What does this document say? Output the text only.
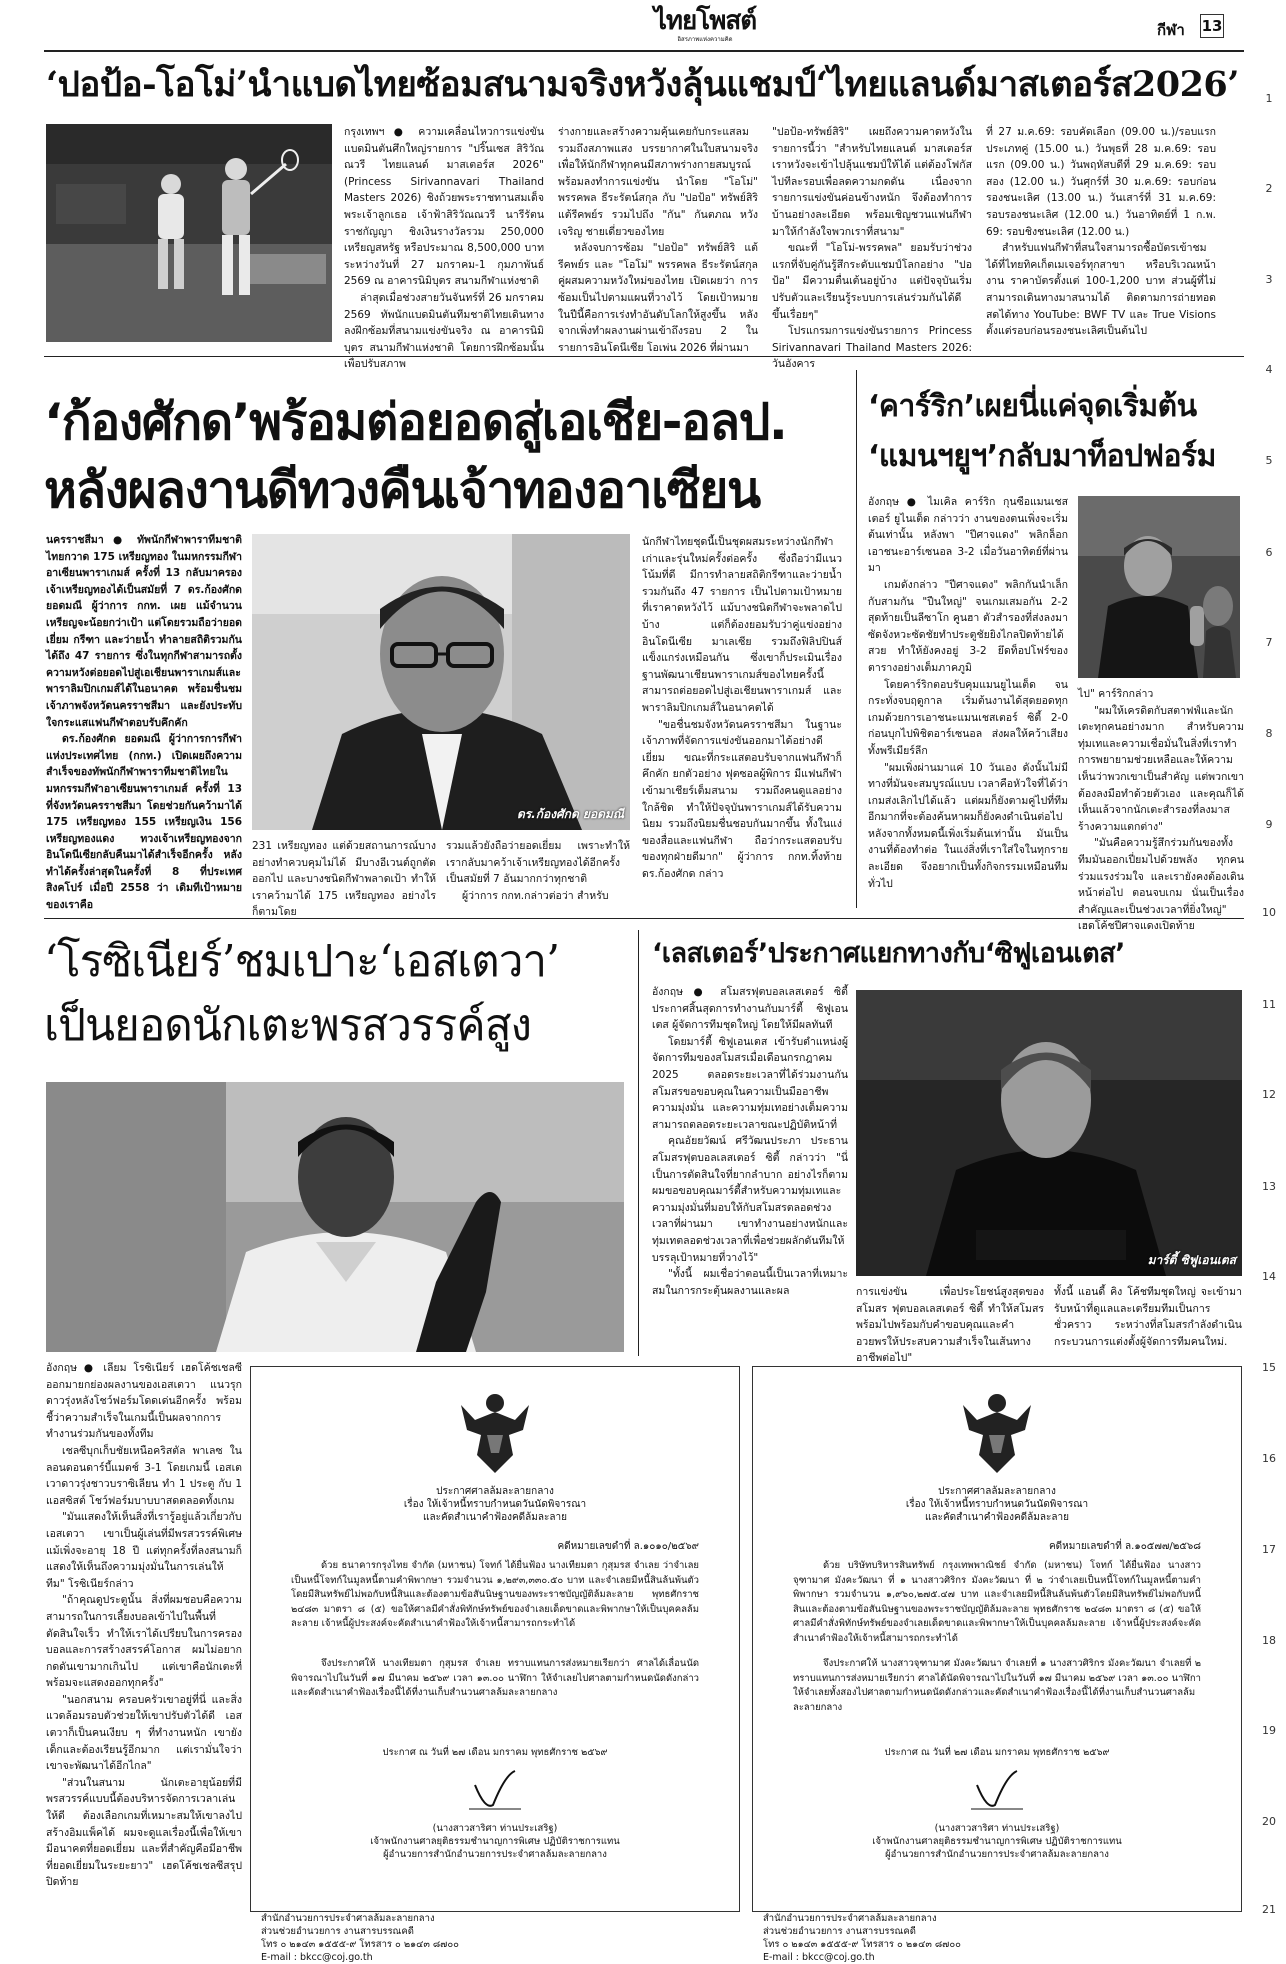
ไทยโพสต์
อิสรภาพแห่งความคิด
กีฬา 13
1
2
3
4
5
6
7
8
9
10
11
12
13
14
15
16
17
18
19
20
21
‘ปอป้อ-โอโม่’นำแบดไทยซ้อมสนามจริงหวังลุ้นแชมป์‘ไทยแลนด์มาสเตอร์ส2026’

กรุงเทพฯ ● ความเคลื่อนไหวการแข่งขันแบดมินตันศึกใหญ่รายการ "ปริ๊นเซส สิริวัณณวรี ไทยแลนด์ มาสเตอร์ส 2026" (Princess Sirivannavari Thailand Masters 2026) ชิงถ้วยพระราชทานสมเด็จพระเจ้าลูกเธอ เจ้าฟ้าสิริวัณณวรี นารีรัตนราชกัญญา ชิงเงินรางวัลรวม 250,000 เหรียญสหรัฐ หรือประมาณ 8,500,000 บาท ระหว่างวันที่ 27 มกราคม-1 กุมภาพันธ์ 2569 ณ อาคารนิมิบุตร สนามกีฬาแห่งชาติ

ล่าสุดเมื่อช่วงสายวันจันทร์ที่ 26 มกราคม 2569 ทัพนักแบดมินตันทีมชาติไทยเดินทางลงฝึกซ้อมที่สนามแข่งขันจริง ณ อาคารนิมิบุตร สนามกีฬาแห่งชาติ โดยการฝึกซ้อมนั้นเพื่อปรับสภาพ

ร่างกายและสร้างความคุ้นเคยกับกระแสลม รวมถึงสภาพแสง บรรยากาศในใบสนามจริงเพื่อให้นักกีฬาทุกคนมีสภาพร่างกายสมบูรณ์พร้อมลงทำการแข่งขัน นำโดย "โอโม่" พรรคพล ธีระรัตน์สกุล กับ "ปอป้อ" ทรัพย์สิริ แต้รีคพย์ร รวมไปถึง "กัน" กันตภณ หวังเจริญ ชายเดี่ยวของไทย

หลังจบการซ้อม "ปอป้อ" ทรัพย์สิริ แต้รีคพย์ร และ "โอโม่" พรรคพล ธีระรัตน์สกุล คู่ผสมความหวังใหม่ของไทย เปิดเผยว่า การซ้อมเป็นไปตามแผนที่วางไว้ โดยเป้าหมายในปีนี้คือการเร่งทำอันดับโลกให้สูงขึ้น หลังจากเพิ่งทำผลงานผ่านเข้าถึงรอบ 2 ในรายการอินโดนีเซีย โอเพ่น 2026 ที่ผ่านมา

"ปอป้อ-ทรัพย์สิริ" เผยถึงความคาดหวังในรายการนี้ว่า "สำหรับไทยแลนด์ มาสเตอร์ส เราหวังจะเข้าไปลุ้นแชมป์ให้ได้ แต่ต้องโฟกัสไปทีละรอบเพื่อลดความกดดัน เนื่องจากรายการแข่งขันค่อนข้างหนัก จึงต้องทำการบ้านอย่างละเอียด พร้อมเชิญชวนแฟนกีฬามาให้กำลังใจพวกเราที่สนาม"

ขณะที่ "โอโม่-พรรคพล" ยอมรับว่าช่วงแรกที่จับคู่กันรู้สึกระดับแชมป์โลกอย่าง "ปอป้อ" มีความตื่นเต้นอยู่บ้าง แต่ปัจจุบันเริ่มปรับตัวและเรียนรู้ระบบการเล่นร่วมกันได้ดีขึ้นเรื่อยๆ"

โปรแกรมการแข่งขันรายการ Princess Sirivannavari Thailand Masters 2026: วันอังคาร

ที่ 27 ม.ค.69: รอบคัดเลือก (09.00 น.)/รอบแรก ประเภทคู่ (15.00 น.) วันพุธที่ 28 ม.ค.69: รอบแรก (09.00 น.) วันพฤหัสบดีที่ 29 ม.ค.69: รอบสอง (12.00 น.) วันศุกร์ที่ 30 ม.ค.69: รอบก่อนรองชนะเลิศ (13.00 น.) วันเสาร์ที่ 31 ม.ค.69: รอบรองชนะเลิศ (12.00 น.) วันอาทิตย์ที่ 1 ก.พ. 69: รอบชิงชนะเลิศ (12.00 น.)

สำหรับแฟนกีฬาที่สนใจสามารถซื้อบัตรเข้าชมได้ที่ไทยทิคเก็ตเมเจอร์ทุกสาขา หรือบริเวณหน้างาน ราคาบัตรตั้งแต่ 100-1,200 บาท ส่วนผู้ที่ไม่สามารถเดินทางมาสนามได้ ติดตามการถ่ายทอดสดได้ทาง YouTube: BWF TV และ True Visions ตั้งแต่รอบก่อนรองชนะเลิศเป็นต้นไป

‘ก้องศักด’พร้อมต่อยอดสู่เอเชีย-อลป.
หลังผลงานดีทวงคืนเจ้าทองอาเซียน

นครราชสีมา ● ทัพนักกีฬาพาราทีมชาติไทยกวาด 175 เหรียญทอง ในมหกรรมกีฬาอาเซียนพาราเกมส์ ครั้งที่ 13 กลับมาครองเจ้าเหรียญทองได้เป็นสมัยที่ 7 ดร.ก้องศักด ยอดมณี ผู้ว่าการ กกท. เผย แม้จำนวนเหรียญจะน้อยกว่าเป้า แต่โดยรวมถือว่ายอดเยี่ยม กรีฑา และว่ายน้ำ ทำลายสถิติรวมกันได้ถึง 47 รายการ ซึ่งในทุกกีฬาสามารถตั้งความหวังต่อยอดไปสู่เอเชียนพาราเกมส์และพาราลิมปิกเกมส์ได้ในอนาคต พร้อมชื่นชมเจ้าภาพจังหวัดนครราชสีมา และยังประทับใจกระแสแฟนกีฬาตอบรับคึกคัก

ดร.ก้องศักด ยอดมณี ผู้ว่าการการกีฬาแห่งประเทศไทย (กกท.) เปิดเผยถึงความสำเร็จของทัพนักกีฬาพาราทีมชาติไทยในมหกรรมกีฬาอาเซียนพาราเกมส์ ครั้งที่ 13 ที่จังหวัดนครราชสีมา โดยช่วยกันคว้ามาได้ 175 เหรียญทอง 155 เหรียญเงิน 156 เหรียญทองแดง ทวงเจ้าเหรียญทองจากอินโดนีเซียกลับคืนมาได้สำเร็จอีกครั้ง หลังทำได้ครั้งล่าสุดในครั้งที่ 8 ที่ประเทศสิงคโปร์ เมื่อปี 2558 ว่า เดิมทีเป้าหมายของเราคือ

ดร.ก้องศักด ยอดมณี

231 เหรียญทอง แต่ด้วยสถานการณ์บาง อย่างทำควบคุมไม่ได้ มีบางอีเวนต์ถูกตัดออกไป และบางชนิดกีฬาพลาดเป้า ทำให้เราคว้ามาได้ 175 เหรียญทอง อย่างไรก็ตามโดย

รวมแล้วยังถือว่ายอดเยี่ยม เพราะทำให้เรากลับมาคว้าเจ้าเหรียญทองได้อีกครั้งเป็นสมัยที่ 7 อันมากกว่าทุกชาติ

ผู้ว่าการ กกท.กล่าวต่อว่า สำหรับ

นักกีฬาไทยชุดนี้เป็นชุดผสมระหว่างนักกีฬาเก่าและรุ่นใหม่ครั้งต่อครั้ง ซึ่งถือว่ามีแนวโน้มที่ดี มีการทำลายสถิติกรีฑาและว่ายน้ำรวมกันถึง 47 รายการ เป็นไปตามเป้าหมายที่เราคาดหวังไว้ แม้บางชนิดกีฬาจะพลาดไปบ้าง แต่ก็ต้องยอมรับว่าคู่แข่งอย่างอินโดนีเซีย มาเลเซีย รวมถึงฟิลิปปินส์ แข็งแกร่งเหมือนกัน ซึ่งเขาก็ประเมินเรื่องฐานพัฒนาเชียนพาราเกมส์ของไทยครั้งนี้สามารถต่อยอดไปสู่เอเชียนพาราเกมส์ และพาราลิมปิกเกมส์ในอนาคตได้

"ขอชื่นชมจังหวัดนครราชสีมา ในฐานะเจ้าภาพที่จัดการแข่งขันออกมาได้อย่างดีเยี่ยม ขณะที่กระแสตอบรับจากแฟนกีฬาก็คึกคัก ยกตัวอย่าง ฟุตซอลผู้พิการ มีแฟนกีฬาเข้ามาเชียร์เต็มสนาม รวมถึงคนดูแลอย่างใกล้ชิด ทำให้ปัจจุบันพาราเกมส์ได้รับความนิยม รวมถึงนิยมชื่นชอบกันมากขึ้น ทั้งในแง่ของสื่อและแฟนกีฬา ถือว่ากระแสตอบรับของทุกฝ่ายดีมาก" ผู้ว่าการ กกท.ทิ้งท้าย ดร.ก้องศักด กล่าว

‘คาร์ริก’เผยนี่แค่จุดเริ่มต้น
‘แมนฯยูฯ’กลับมาท็อปฟอร์ม

อังกฤษ ● ไมเคิล คาร์ริก กุนซือแมนเชสเตอร์ ยูไนเต็ด กล่าวว่า งานของตนเพิ่งจะเริ่มต้นเท่านั้น หลังพา "ปีศาจแดง" พลิกล็อกเอาชนะอาร์เซนอล 3-2 เมื่อวันอาทิตย์ที่ผ่านมา

เกมดังกล่าว "ปีศาจแดง" พลิกกันนำเล็กกับสามกัน "ปืนใหญ่" จนเกมเสมอกัน 2-2 สุดท้ายเป็นลีซาโก คูนฮา ตัวสำรองที่ส่งลงมาซัดจังหวะซัดชัยทำประตูชัยยิงไกลปิดท้ายได้สวย ทำให้ยังคงอยู่ 3-2 ยึดท็อปโฟร์ของตารางอย่างเต็มภาคภูมิ

โดยคาร์ริกตอบรับคุมแมนยูไนเต็ด จนกระทั่งจบฤดูกาล เริ่มต้นงานได้สุดยอดทุกเกมด้วยการเอาชนะแมนเชสเตอร์ ซิตี้ 2-0 ก่อนบุกไปพิชิตอาร์เซนอล ส่งผลให้คว้าเสียงทั้งพรีเมียร์ลีก

"ผมเพิ่งผ่านมาแค่ 10 วันเอง ดังนั้นไม่มีทางที่มันจะสมบูรณ์แบบ เวลาคือหัวใจที่ได้ว่าเกมส่งเลิกไปได้แล้ว แต่ผมก็ยังตามคู่ไปที่ทีมอีกมากที่จะต้องค้นหาผมก็ยังคงดำเนินต่อไป หลังจากทั้งหมดนี้เพิ่งเริ่มต้นเท่านั้น มันเป็นงานที่ต้องทำต่อ ในแง่สิ่งที่เราใส่ใจในทุกรายละเอียด จึงอยากเป็นทั้งกิจกรรมเหมือนทีมทั่วไป

ไป" คาร์ริกกล่าว

"ผมให้เครดิตกับสตาฟฟ์และนักเตะทุกคนอย่างมาก สำหรับความทุ่มเทและความเชื่อมั่นในสิ่งที่เราทำ การพยายามช่วยเหลือและให้ความเห็นว่าพวกเขาเป็นสำคัญ แต่พวกเขาต้องลงมือทำด้วยตัวเอง และคุณก็ได้เห็นแล้วจากนักเตะสำรองที่ลงมาสร้างความแตกต่าง"

"มันคือความรู้สึกร่วมกันของทั้งทีมมันออกเปี่ยมไปด้วยพลัง ทุกคนร่วมแรงร่วมใจ และเรายังคงต้องเดินหน้าต่อไป ตอนจบเกม นั่นเป็นเรื่องสำคัญและเป็นช่วงเวลาที่ยิ่งใหญ่" เฮดโค้ชปีศาจแดงเปิดท้าย

‘โรซิเนียร์’ชมเปาะ‘เอสเตวา’
เป็นยอดนักเตะพรสวรรค์สูง

อังกฤษ ● เลียม โรซิเนียร์ เฮดโค้ชเชลซี ออกมายกย่องผลงานของเอสเตวา แนวรุกดาวรุ่งหลังโชว์ฟอร์มโดดเด่นอีกครั้ง พร้อมชี้ว่าความสำเร็จในเกมนี้เป็นผลจากการทำงานร่วมกันของทั้งทีม

เชลซีบุกเก็บชัยเหนือคริสตัล พาเลซ ในลอนดอนดาร์บี้แมตช์ 3-1 โดยเกมนี้ เอสเตเวาดาวรุ่งชาวบราซิเลียน ทำ 1 ประตู กับ 1 แอสซิสต์ โชว์ฟอร์มบาบบาสดตลอดทั้งเกม

"มันแสดงให้เห็นสิ่งที่เรารู้อยู่แล้วเกี่ยวกับเอสเตวา เขาเป็นผู้เล่นที่มีพรสวรรค์พิเศษ แม้เพิ่งจะอายุ 18 ปี แต่ทุกครั้งที่ลงสนามก็แสดงให้เห็นถึงความมุ่งมั่นในการเล่นให้ทีม" โรซิเนียร์กล่าว

"ถ้าคุณดูประตูนั้น สิ่งที่ผมชอบคือความสามารถในการเลี้ยงบอลเข้าไปในพื้นที่ ตัดสินใจเร็ว ทำให้เราได้เปรียบในการครองบอลและการสร้างสรรค์โอกาส ผมไม่อยากกดดันเขามากเกินไป แต่เขาคือนักเตะที่พร้อมจะแสดงออกทุกครั้ง"

"นอกสนาม ครอบครัวเขาอยู่ที่นี่ และสิ่งแวดล้อมรอบตัวช่วยให้เขาปรับตัวได้ดี เอสเตวาก็เป็นคนเงียบ ๆ ที่ทำงานหนัก เขายังเด็กและต้องเรียนรู้อีกมาก แต่เรามั่นใจว่าเขาจะพัฒนาได้อีกไกล"

"ส่วนในสนาม นักเตะอายุน้อยที่มีพรสวรรค์แบบนี้ต้องบริหารจัดการเวลาเล่นให้ดี ต้องเลือกเกมที่เหมาะสมให้เขาลงไปสร้างอิมแพ็คได้ ผมจะดูแลเรื่องนี้เพื่อให้เขามีอนาคตที่ยอดเยี่ยม และที่สำคัญคือมีอาชีพที่ยอดเยี่ยมในระยะยาว" เฮดโค้ชเชลซีสรุปปิดท้าย

‘เลสเตอร์’ประกาศแยกทางกับ‘ซิฟูเอนเตส’

อังกฤษ ● สโมสรฟุตบอลเลสเตอร์ ซิตี้ ประกาศสิ้นสุดการทำงานกับมาร์ตี้ ซิฟูเอนเตส ผู้จัดการทีมชุดใหญ่ โดยให้มีผลทันที

โดยมาร์ตี้ ซิฟูเอนเตส เข้ารับตำแหน่งผู้จัดการทีมของสโมสรเมื่อเดือนกรกฎาคม 2025 ตลอดระยะเวลาที่ได้ร่วมงานกัน สโมสรขอขอบคุณในความเป็นมืออาชีพ ความมุ่งมั่น และความทุ่มเทอย่างเต็มความสามารถตลอดระยะเวลาขณะปฏิบัติหน้าที่

คุณอัยยวัฒน์ ศรีวัฒนประภา ประธานสโมสรฟุตบอลเลสเตอร์ ซิตี้ กล่าวว่า "นี่เป็นการตัดสินใจที่ยากลำบาก อย่างไรก็ตาม ผมขอขอบคุณมาร์ตี้สำหรับความทุ่มเทและความมุ่งมั่นที่มอบให้กับสโมสรตลอดช่วงเวลาที่ผ่านมา เขาทำงานอย่างหนักและทุ่มเทตลอดช่วงเวลาที่เพื่อช่วยผลักดันทีมให้บรรลุเป้าหมายที่วางไว้"

"ทั้งนี้ ผมเชื่อว่าตอนนี้เป็นเวลาที่เหมาะสมในการกระตุ้นผลงานและผล

มาร์ตี้ ซิฟูเอนเตส

การแข่งขัน เพื่อประโยชน์สูงสุดของสโมสร ฟุตบอลเลสเตอร์ ซิตี้ ทำให้สโมสรพร้อมไปพร้อมกับคำขอบคุณและคำอวยพรให้ประสบความสำเร็จในเส้นทางอาชีพต่อไป"

ทั้งนี้ แอนดี้ คิง โค้ชทีมชุดใหญ่ จะเข้ามารับหน้าที่ดูแลและเตรียมทีมเป็นการชั่วคราว ระหว่างที่สโมสรกำลังดำเนินกระบวนการแต่งตั้งผู้จัดการทีมคนใหม่.

ประกาศศาลล้มละลายกลาง
เรื่อง ให้เจ้าหนี้ทราบกำหนดวันนัดพิจารณา
และคัดสำเนาคำฟ้องคดีล้มละลาย
คดีหมายเลขดำที่ ล.๑๐๑๐/๒๕๖๙
ด้วย ธนาคารกรุงไทย จำกัด (มหาชน) โจทก์ ได้ยื่นฟ้อง นางเทียมตา กุสุมรส จำเลย ว่าจำเลยเป็นหนี้โจทก์ในมูลหนี้ตามคำพิพากษา รวมจำนวน ๑,๒๙๓,๓๓๐.๕๐ บาท และจำเลยมีหนี้สินล้นพ้นตัวโดยมีสินทรัพย์ไม่พอกับหนี้สินและต้องตามข้อสันนิษฐานของพระราชบัญญัติล้มละลาย พุทธศักราช ๒๔๘๓ มาตรา ๘ (๕) ขอให้ศาลมีคำสั่งพิทักษ์ทรัพย์ของจำเลยเด็ดขาดและพิพากษาให้เป็นบุคคลล้มละลาย เจ้าหนี้ผู้ประสงค์จะคัดสำเนาคำฟ้องให้เจ้าหนี้สามารถกระทำได้
จึงประกาศให้ นางเทียมตา กุสุมรส จำเลย ทราบแทนการส่งหมายเรียกว่า ศาลได้เลื่อนนัดพิจารณาไปในวันที่ ๑๗ มีนาคม ๒๕๖๙ เวลา ๑๓.๐๐ นาฬิกา ให้จำเลยไปศาลตามกำหนดนัดดังกล่าวและคัดสำเนาคำฟ้องเรื่องนี้ได้ที่งานเก็บสำนวนศาลล้มละลายกลาง
ประกาศ ณ วันที่ ๒๗ เดือน มกราคม พุทธศักราช ๒๕๖๙
(นางสาวสาริศา ท่านประเสริฐ)
เจ้าพนักงานศาลยุติธรรมชำนาญการพิเศษ ปฏิบัติราชการแทน
ผู้อำนวยการสำนักอำนวยการประจำศาลล้มละลายกลาง
สำนักอำนวยการประจำศาลล้มละลายกลาง
ส่วนช่วยอำนวยการ งานสารบรรณคดี
โทร ๐ ๒๑๔๓ ๑๕๕๕-๙ โทรสาร ๐ ๒๑๔๓ ๘๗๐๐
E-mail : bkcc@coj.go.th
ประกาศศาลล้มละลายกลาง
เรื่อง ให้เจ้าหนี้ทราบกำหนดวันนัดพิจารณา
และคัดสำเนาคำฟ้องคดีล้มละลาย
คดีหมายเลขดำที่ ล.๑๐๕๗๗/๒๕๖๘
ด้วย บริษัทบริหารสินทรัพย์ กรุงเทพพาณิชย์ จำกัด (มหาชน) โจทก์ ได้ยื่นฟ้อง นางสาวจุฑามาศ มังคะวัฒนา ที่ ๑ นางสาวศิริกร มังคะวัฒนา ที่ ๒ ว่าจำเลยเป็นหนี้โจทก์ในมูลหนี้ตามคำพิพากษา รวมจำนวน ๑,๙๖๐,๒๗๕.๔๗ บาท และจำเลยมีหนี้สินล้นพ้นตัวโดยมีสินทรัพย์ไม่พอกับหนี้สินและต้องตามข้อสันนิษฐานของพระราชบัญญัติล้มละลาย พุทธศักราช ๒๔๘๓ มาตรา ๘ (๕) ขอให้ศาลมีคำสั่งพิทักษ์ทรัพย์ของจำเลยเด็ดขาดและพิพากษาให้เป็นบุคคลล้มละลาย เจ้าหนี้ผู้ประสงค์จะคัดสำเนาคำฟ้องให้เจ้าหนี้สามารถกระทำได้
จึงประกาศให้ นางสาวจุฑามาศ มังคะวัฒนา จำเลยที่ ๑ นางสาวศิริกร มังคะวัฒนา จำเลยที่ ๒ ทราบแทนการส่งหมายเรียกว่า ศาลได้นัดพิจารณาไปในวันที่ ๑๗ มีนาคม ๒๕๖๙ เวลา ๑๓.๐๐ นาฬิกา ให้จำเลยทั้งสองไปศาลตามกำหนดนัดดังกล่าวและคัดสำเนาคำฟ้องเรื่องนี้ได้ที่งานเก็บสำนวนศาลล้มละลายกลาง
ประกาศ ณ วันที่ ๒๗ เดือน มกราคม พุทธศักราช ๒๕๖๙
(นางสาวสาริศา ท่านประเสริฐ)
เจ้าพนักงานศาลยุติธรรมชำนาญการพิเศษ ปฏิบัติราชการแทน
ผู้อำนวยการสำนักอำนวยการประจำศาลล้มละลายกลาง
สำนักอำนวยการประจำศาลล้มละลายกลาง
ส่วนช่วยอำนวยการ งานสารบรรณคดี
โทร ๐ ๒๑๔๓ ๑๕๕๕-๙ โทรสาร ๐ ๒๑๔๓ ๘๗๐๐
E-mail : bkcc@coj.go.th
